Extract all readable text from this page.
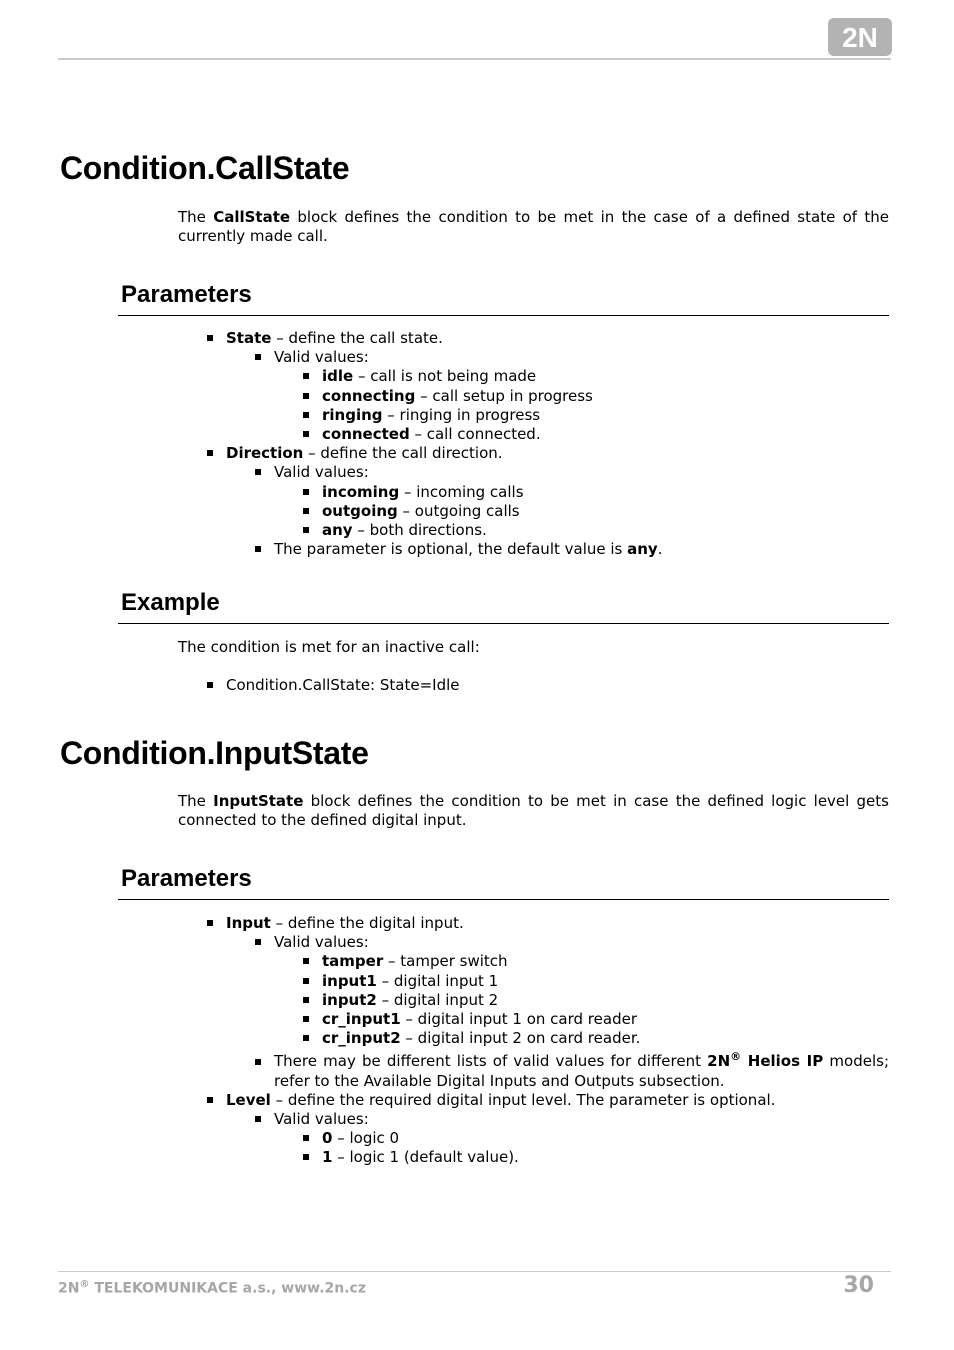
2N
Condition.CallState

The CallState block defines the condition to be met in the case of a defined state of the currently made call.

Parameters
State – define the call state.
Valid values:
idle – call is not being made
connecting – call setup in progress
ringing – ringing in progress
connected – call connected.
Direction – define the call direction.
Valid values:
incoming – incoming calls
outgoing – outgoing calls
any – both directions.
The parameter is optional, the default value is any.
Example

The condition is met for an inactive call:

Condition.CallState: State=Idle
Condition.InputState

The InputState block defines the condition to be met in case the defined logic level gets connected to the defined digital input.

Parameters
Input – define the digital input.
Valid values:
tamper – tamper switch
input1 – digital input 1
input2 – digital input 2
cr_input1 – digital input 1 on card reader
cr_input2 – digital input 2 on card reader.
There may be different lists of valid values for different 2N® Helios IP models; refer to the Available Digital Inputs and Outputs subsection.
Level – define the required digital input level. The parameter is optional.
Valid values:
0 – logic 0
1 – logic 1 (default value).
2N® TELEKOMUNIKACE a.s., www.2n.cz	30
